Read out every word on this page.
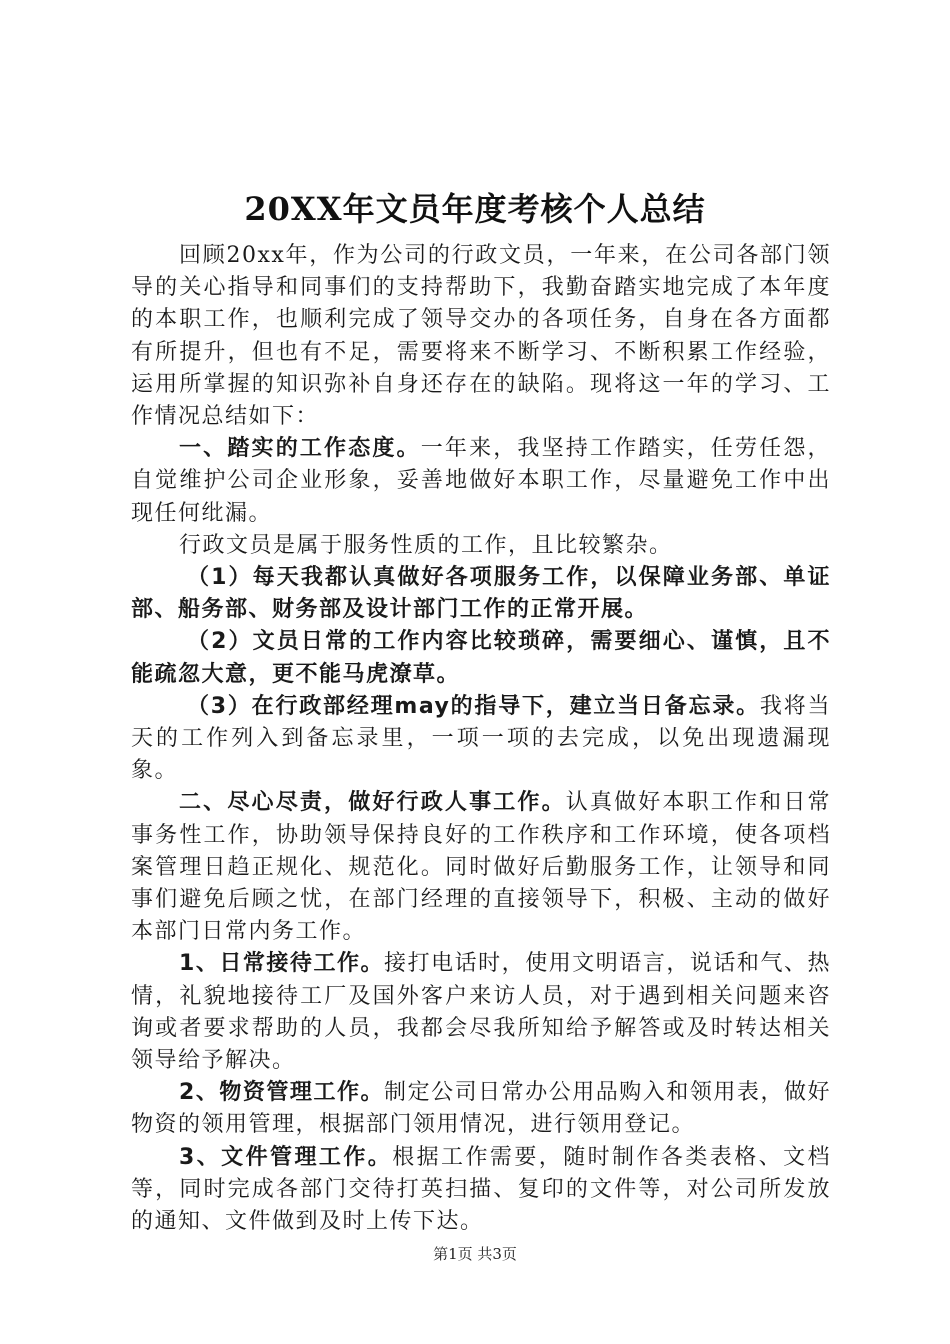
20XX年文员年度考核个人总结

回顾20xx年，作为公司的行政文员，一年来，在公司各部门领导的关心指导和同事们的支持帮助下，我勤奋踏实地完成了本年度的本职工作，也顺利完成了领导交办的各项任务，自身在各方面都有所提升，但也有不足，需要将来不断学习、不断积累工作经验，运用所掌握的知识弥补自身还存在的缺陷。现将这一年的学习、工作情况总结如下：

一、踏实的工作态度。一年来，我坚持工作踏实，任劳任怨，自觉维护公司企业形象，妥善地做好本职工作，尽量避免工作中出现任何纰漏。

行政文员是属于服务性质的工作，且比较繁杂。

（1）每天我都认真做好各项服务工作，以保障业务部、单证部、船务部、财务部及设计部门工作的正常开展。

（2）文员日常的工作内容比较琐碎，需要细心、谨慎，且不能疏忽大意，更不能马虎潦草。

（3）在行政部经理may的指导下，建立当日备忘录。我将当天的工作列入到备忘录里，一项一项的去完成，以免出现遗漏现象。

二、尽心尽责，做好行政人事工作。认真做好本职工作和日常事务性工作，协助领导保持良好的工作秩序和工作环境，使各项档案管理日趋正规化、规范化。同时做好后勤服务工作，让领导和同事们避免后顾之忧，在部门经理的直接领导下，积极、主动的做好本部门日常内务工作。

1、日常接待工作。接打电话时，使用文明语言，说话和气、热情，礼貌地接待工厂及国外客户来访人员，对于遇到相关问题来咨询或者要求帮助的人员，我都会尽我所知给予解答或及时转达相关领导给予解决。

2、物资管理工作。制定公司日常办公用品购入和领用表，做好物资的领用管理，根据部门领用情况，进行领用登记。

3、文件管理工作。根据工作需要，随时制作各类表格、文档等，同时完成各部门交待打英扫描、复印的文件等，对公司所发放的通知、文件做到及时上传下达。

第1页 共3页
